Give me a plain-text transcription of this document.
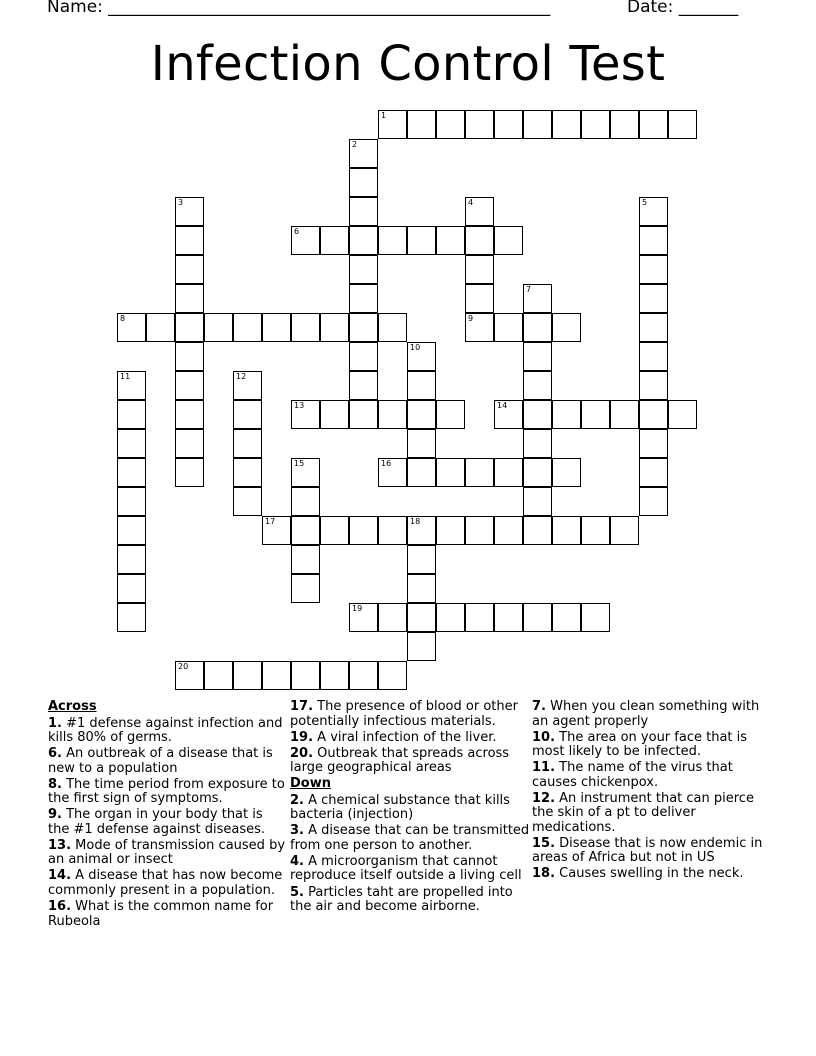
Name: ____________________________________________________	Date: _______
Infection Control Test
1
2
3	4
9
5
6
7
8
10
11	12
13	14
15	16
17	18
19
20
Across
1. #1 defense against infection and kills 80% of germs.
6. An outbreak of a disease that is new to a population
8. The time period from exposure to the first sign of symptoms.
9. The organ in your body that is the #1 defense against diseases.
13. Mode of transmission caused by an animal or insect
14. A disease that has now become commonly present in a population.
16. What is the common name for Rubeola
17. The presence of blood or other potentially infectious materials.
19. A viral infection of the liver.
20. Outbreak that spreads across large geographical areas
Down
2. A chemical substance that kills bacteria (injection)
3. A disease that can be transmitted from one person to another.
4. A microorganism that cannot reproduce itself outside a living cell
5. Particles taht are propelled into the air and become airborne.
7. When you clean something with an agent properly
10. The area on your face that is most likely to be infected.
11. The name of the virus that causes chickenpox.
12. An instrument that can pierce the skin of a pt to deliver medications.
15. Disease that is now endemic in areas of Africa but not in US
18. Causes swelling in the neck.
